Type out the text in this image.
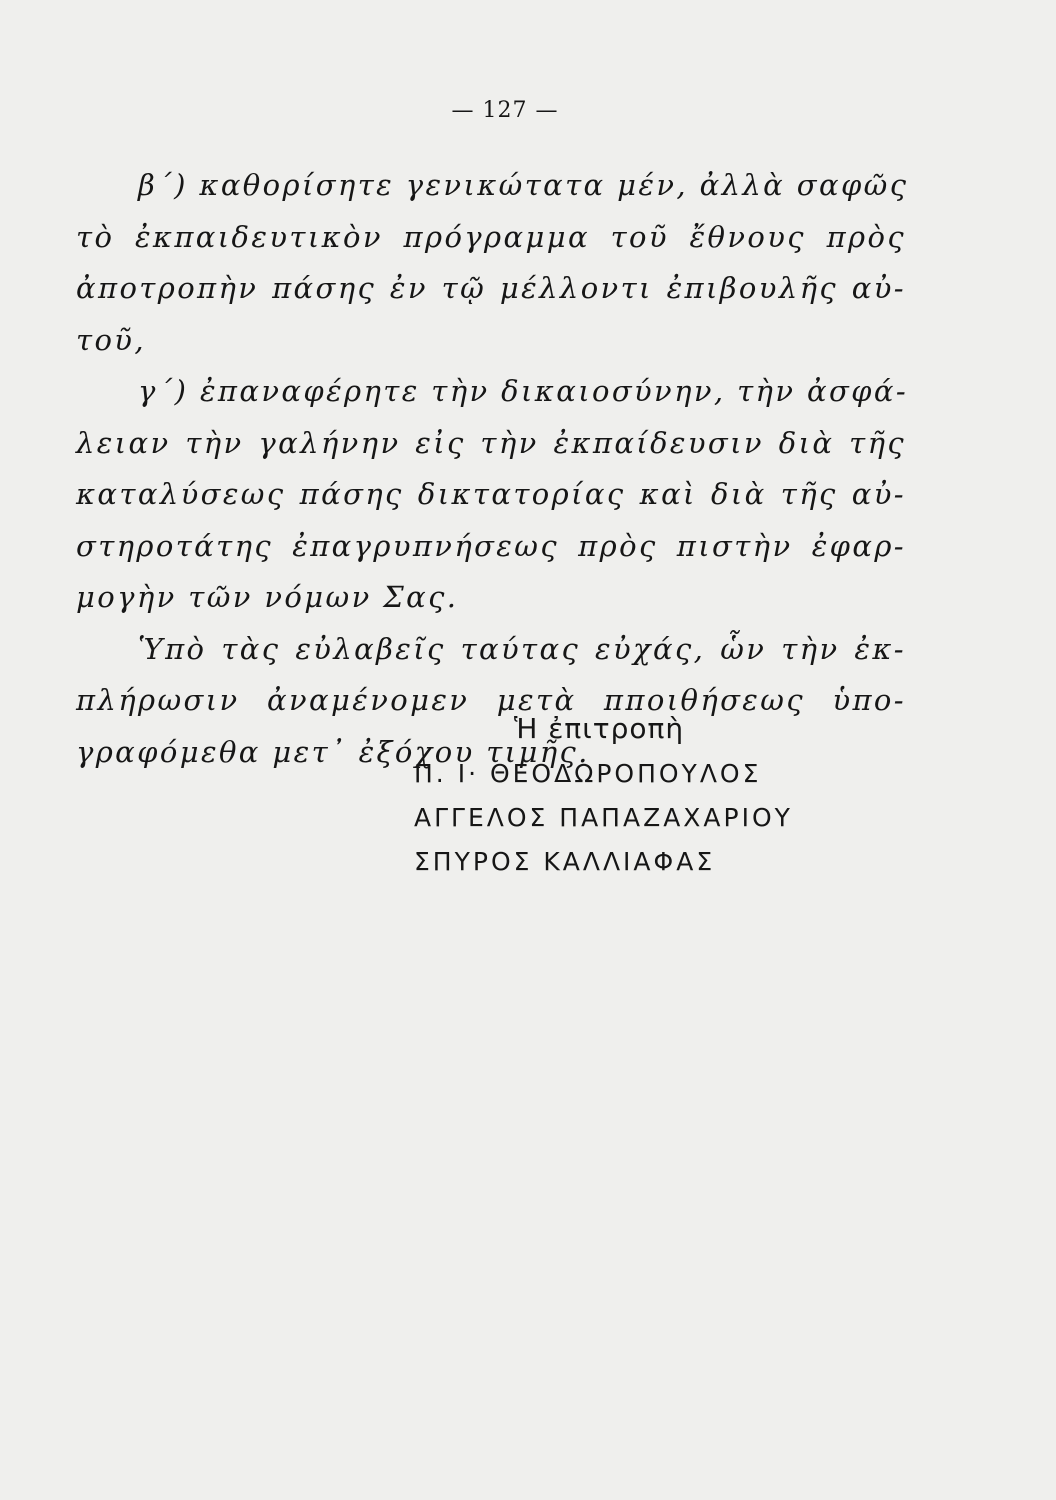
— 127 —
β΄) καθορίσητε γενικώτατα μέν, ἀλλὰ σαφῶς
τὸ ἐκπαιδευτικὸν πρόγραμμα τοῦ ἔθνους πρὸς
ἀποτροπὴν πάσης ἐν τῷ μέλλοντι ἐπιβουλῆς αὐ-
τοῦ,
γ΄) ἐπαναφέρητε τὴν δικαιοσύνην, τὴν ἀσφά-
λειαν τὴν γαλήνην εἰς τὴν ἐκπαίδευσιν διὰ τῆς
καταλύσεως πάσης δικτατορίας καὶ διὰ τῆς αὐ-
στηροτάτης ἐπαγρυπνήσεως πρὸς πιστὴν ἐφαρ-
μογὴν τῶν νόμων Σας.
Ὑπὸ τὰς εὐλαβεῖς ταύτας εὐχάς, ὧν τὴν ἐκ-
πλήρωσιν ἀναμένομεν μετὰ πποιθήσεως ὑπο-
γραφόμεθα μετ᾽ ἐξόχου τιμῆς.
Ἡ ἐπιτροπὴ
Π. Ι· ΘΕΟΔΩΡΟΠΟΥΛΟΣ
ΑΓΓΕΛΟΣ ΠΑΠΑΖΑΧΑΡΙΟΥ
ΣΠΥΡΟΣ ΚΑΛΛΙΑΦΑΣ
